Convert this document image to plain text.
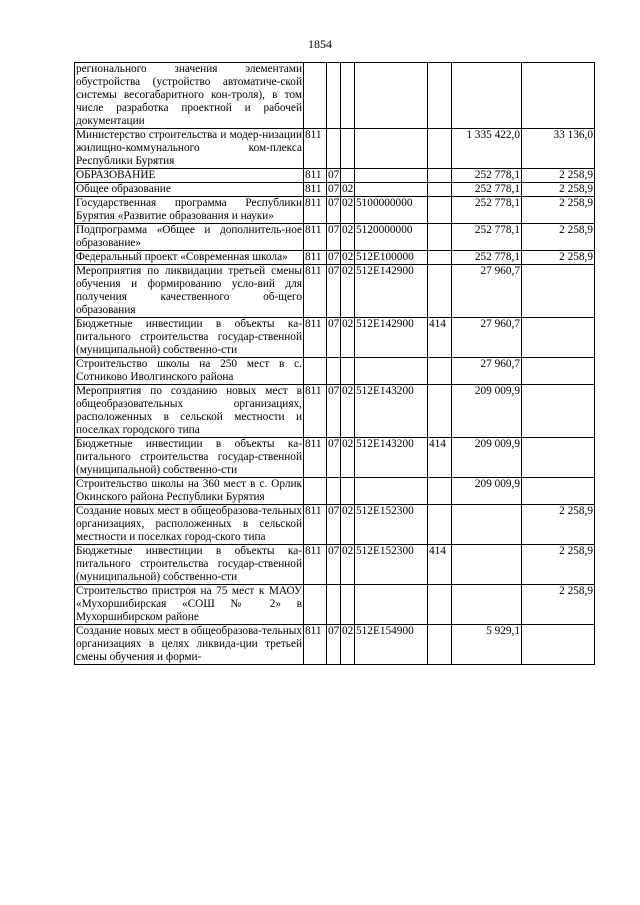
1854
регионального значения элементами обустройства (устройство автоматиче-ской системы весогабаритного кон-троля), в том числе разработка проектной и рабочей документации							
Министерство строительства и модер-низации жилищно-коммунального ком-плекса Республики Бурятия	811					1 335 422,0	33 136,0
ОБРАЗОВАНИЕ	811	07				252 778,1	2 258,9
Общее образование	811	07	02			252 778,1	2 258,9
Государственная программа Республики Бурятия «Развитие образования и науки»	811	07	02	5100000000		252 778,1	2 258,9
Подпрограмма «Общее и дополнитель-ное образование»	811	07	02	5120000000		252 778,1	2 258,9
Федеральный проект «Современная школа»	811	07	02	512E100000		252 778,1	2 258,9
Мероприятия по ликвидации третьей смены обучения и формированию усло-вий для получения качественного об-щего образования	811	07	02	512E142900		27 960,7	
Бюджетные инвестиции в объекты ка-питального строительства государ-ственной (муниципальной) собственно-сти	811	07	02	512E142900	414	27 960,7	
Строительство школы на 250 мест в с. Сотниково Иволгинского района						27 960,7	
Мероприятия по созданию новых мест в общеобразовательных организациях, расположенных в сельской местности и поселках городского типа	811	07	02	512E143200		209 009,9	
Бюджетные инвестиции в объекты ка-питального строительства государ-ственной (муниципальной) собственно-сти	811	07	02	512E143200	414	209 009,9	
Строительство школы на 360 мест в с. Орлик Окинского района Республики Бурятия						209 009,9	
Создание новых мест в общеобразова-тельных организациях, расположенных в сельской местности и поселках город-ского типа	811	07	02	512E152300			2 258,9
Бюджетные инвестиции в объекты ка-питального строительства государ-ственной (муниципальной) собственно-сти	811	07	02	512E152300	414		2 258,9
Строительство пристроя на 75 мест к МАОУ «Мухоршибирская «СОШ № 2» в Мухоршибирском районе							2 258,9
Создание новых мест в общеобразова-тельных организациях в целях ликвида-ции третьей смены обучения и форми-	811	07	02	512E154900		5 929,1	
